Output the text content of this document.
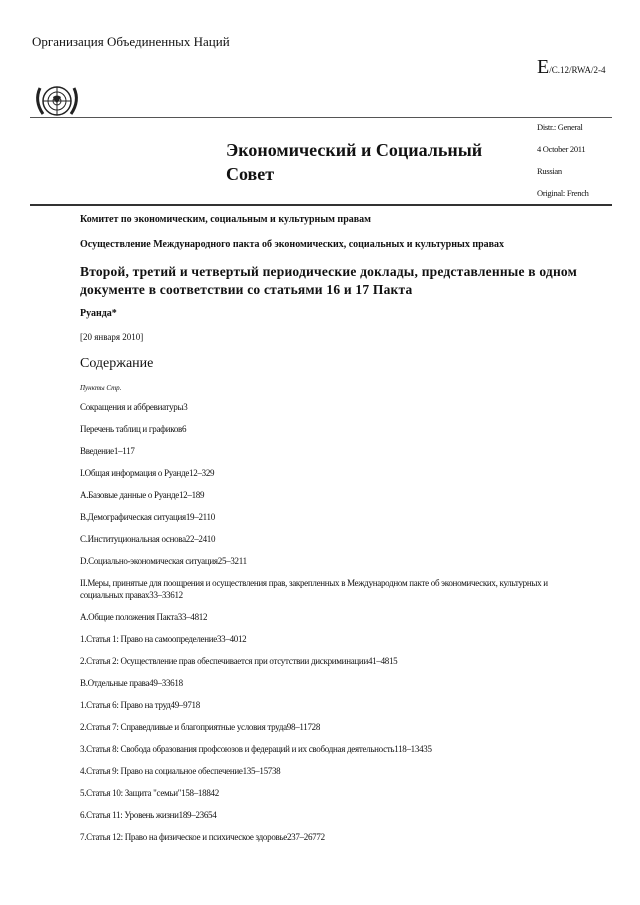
Организация Объединенных Наций
E/C.12/RWA/2-4
Экономический и Социальный Совет
Distr.: General
4 October 2011
Russian
Original: French
Комитет по экономическим, социальным и культурным правам
Осуществление Международного пакта об экономических, социальных и культурных правах
Второй, третий и четвертый периодические доклады, представленные в одном документе в соответствии со статьями 16 и 17 Пакта
Руанда*
[20 января 2010]
Содержание
Пункты Стр.
Сокращения и аббревиатуры3
Перечень таблиц и графиков6
Введение1–117
I.Общая информация о Руанде12–329
A.Базовые данные о Руанде12–189
B.Демографическая ситуация19–2110
C.Институциональная основа22–2410
D.Социально-экономическая ситуация25–3211
II.Меры, принятые для поощрения и осуществления прав, закрепленных в Международном пакте об экономических, культурных и социальных правах33–33612
A.Общие положения Пакта33–4812
1.Статья 1: Право на самоопределение33–4012
2.Статья 2: Осуществление прав обеспечивается при отсутствии дискриминации41–4815
B.Отдельные права49–33618
1.Статья 6: Право на труд49–9718
2.Статья 7: Справедливые и благоприятные условия труда98–11728
3.Статья 8: Свобода образования профсоюзов и федераций и их свободная деятельность118–13435
4.Статья 9: Право на социальное обеспечение135–15738
5.Статья 10: Защита "семьи"158–18842
6.Статья 11: Уровень жизни189–23654
7.Статья 12: Право на физическое и психическое здоровье237–26772
